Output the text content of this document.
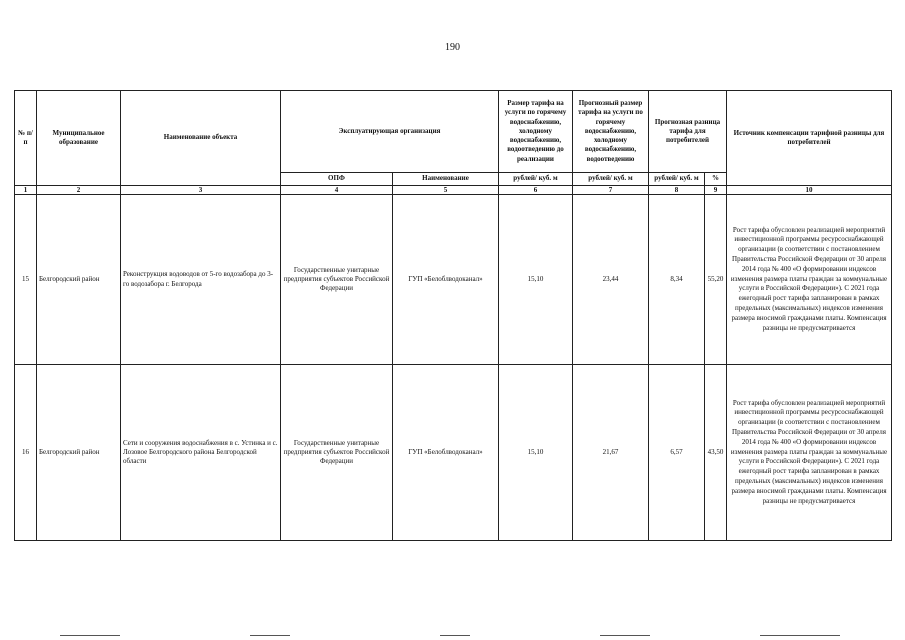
190
№ п/п	Муниципальное образование	Наименование объекта	Эксплуатирующая организация		Размер тарифа на услуги по горячему водоснабжению, холодному водоснабжению, водоотведению до реализации	Прогнозный размер тарифа на услуги по горячему водоснабжению, холодному водоснабжению, водоотведению	Прогнозная разница тарифа для потребителей		Источник компенсации тарифной разницы для потребителей
			ОПФ	Наименование	рублей/ куб. м	рублей/ куб. м	рублей/ куб. м	%	
1	2	3	4	5	6	7	8	9	10
15	Белгородский район	Реконструкция водоводов от 5-го водозабора до 3-го водозабора г. Белгорода	Государственные унитарные предприятия субъектов Российской Федерации	ГУП «Белоблводоканал»	15,10	23,44	8,34	55,20	Рост тарифа обусловлен реализацией мероприятий инвестиционной программы ресурсоснабжающей организации (в соответствии с постановлением Правительства Российской Федерации от 30 апреля 2014 года № 400 «О формировании индексов изменения размера платы граждан за коммунальные услуги в Российской Федерации»). С 2021 года ежегодный рост тарифа запланирован в рамках предельных (максимальных) индексов изменения размера вносимой гражданами платы. Компенсация разницы не предусматривается
16	Белгородский район	Сети и сооружения водоснабжения в с. Устинка и с. Лозовое Белгородского района Белгородской области	Государственные унитарные предприятия субъектов Российской Федерации	ГУП «Белоблводоканал»	15,10	21,67	6,57	43,50	Рост тарифа обусловлен реализацией мероприятий инвестиционной программы ресурсоснабжающей организации (в соответствии с постановлением Правительства Российской Федерации от 30 апреля 2014 года № 400 «О формировании индексов изменения размера платы граждан за коммунальные услуги в Российской Федерации»). С 2021 года ежегодный рост тарифа запланирован в рамках предельных (максимальных) индексов изменения размера вносимой гражданами платы. Компенсация разницы не предусматривается
